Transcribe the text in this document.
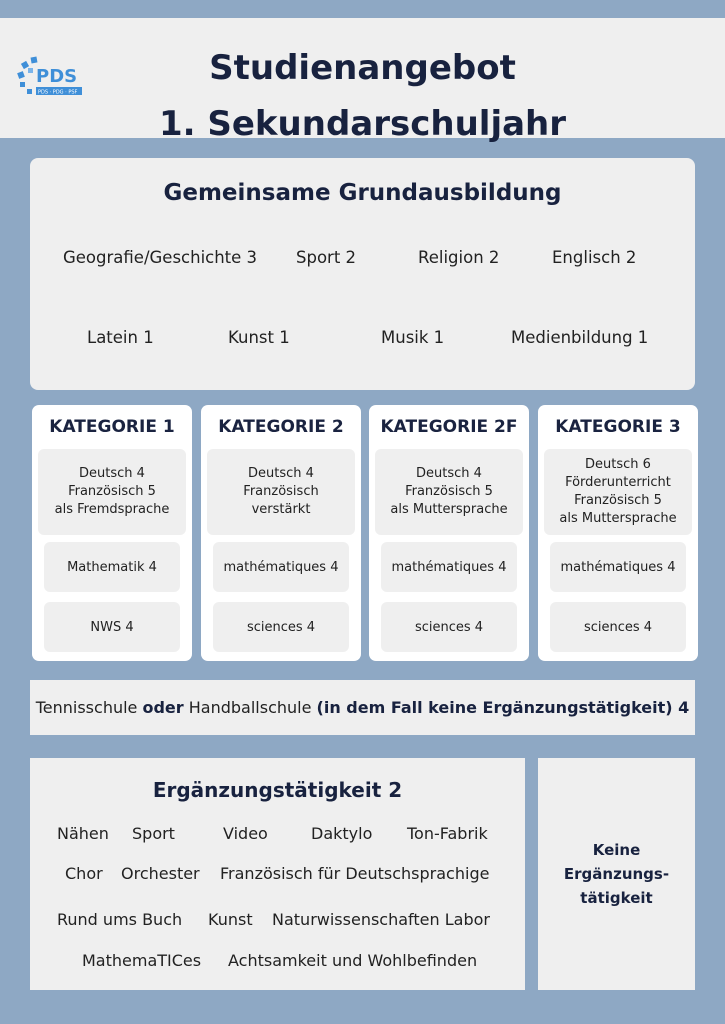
PDS
PDS · PDG · PSF
Studienangebot
1. Sekundarschuljahr
Gemeinsame Grundausbildung
Geografie/Geschichte 3 Sport 2	Religion 2	Englisch 2
Latein 1	Kunst 1	Musik 1	Medienbildung 1
KATEGORIE 1
Deutsch 4
Französisch 5
als Fremdsprache
Mathematik 4
NWS 4
KATEGORIE 2
Deutsch 4
Französisch
verstärkt
mathématiques 4
sciences 4
KATEGORIE 2F
Deutsch 4
Französisch 5
als Muttersprache
mathématiques 4
sciences 4
KATEGORIE 3
Deutsch 6
Förderunterricht
Französisch 5
als Muttersprache
mathématiques 4
sciences 4
Tennisschule oder Handballschule (in dem Fall keine Ergänzungstätigkeit) 4
Ergänzungstätigkeit 2
Nähen Sport	Video	Daktylo Ton-Fabrik
Chor Orchester Französisch für Deutschsprachige
Rund ums Buch Kunst Naturwissenschaften Labor
MathemaTICes Achtsamkeit und Wohlbefinden
Keine
Ergänzungs-
tätigkeit
